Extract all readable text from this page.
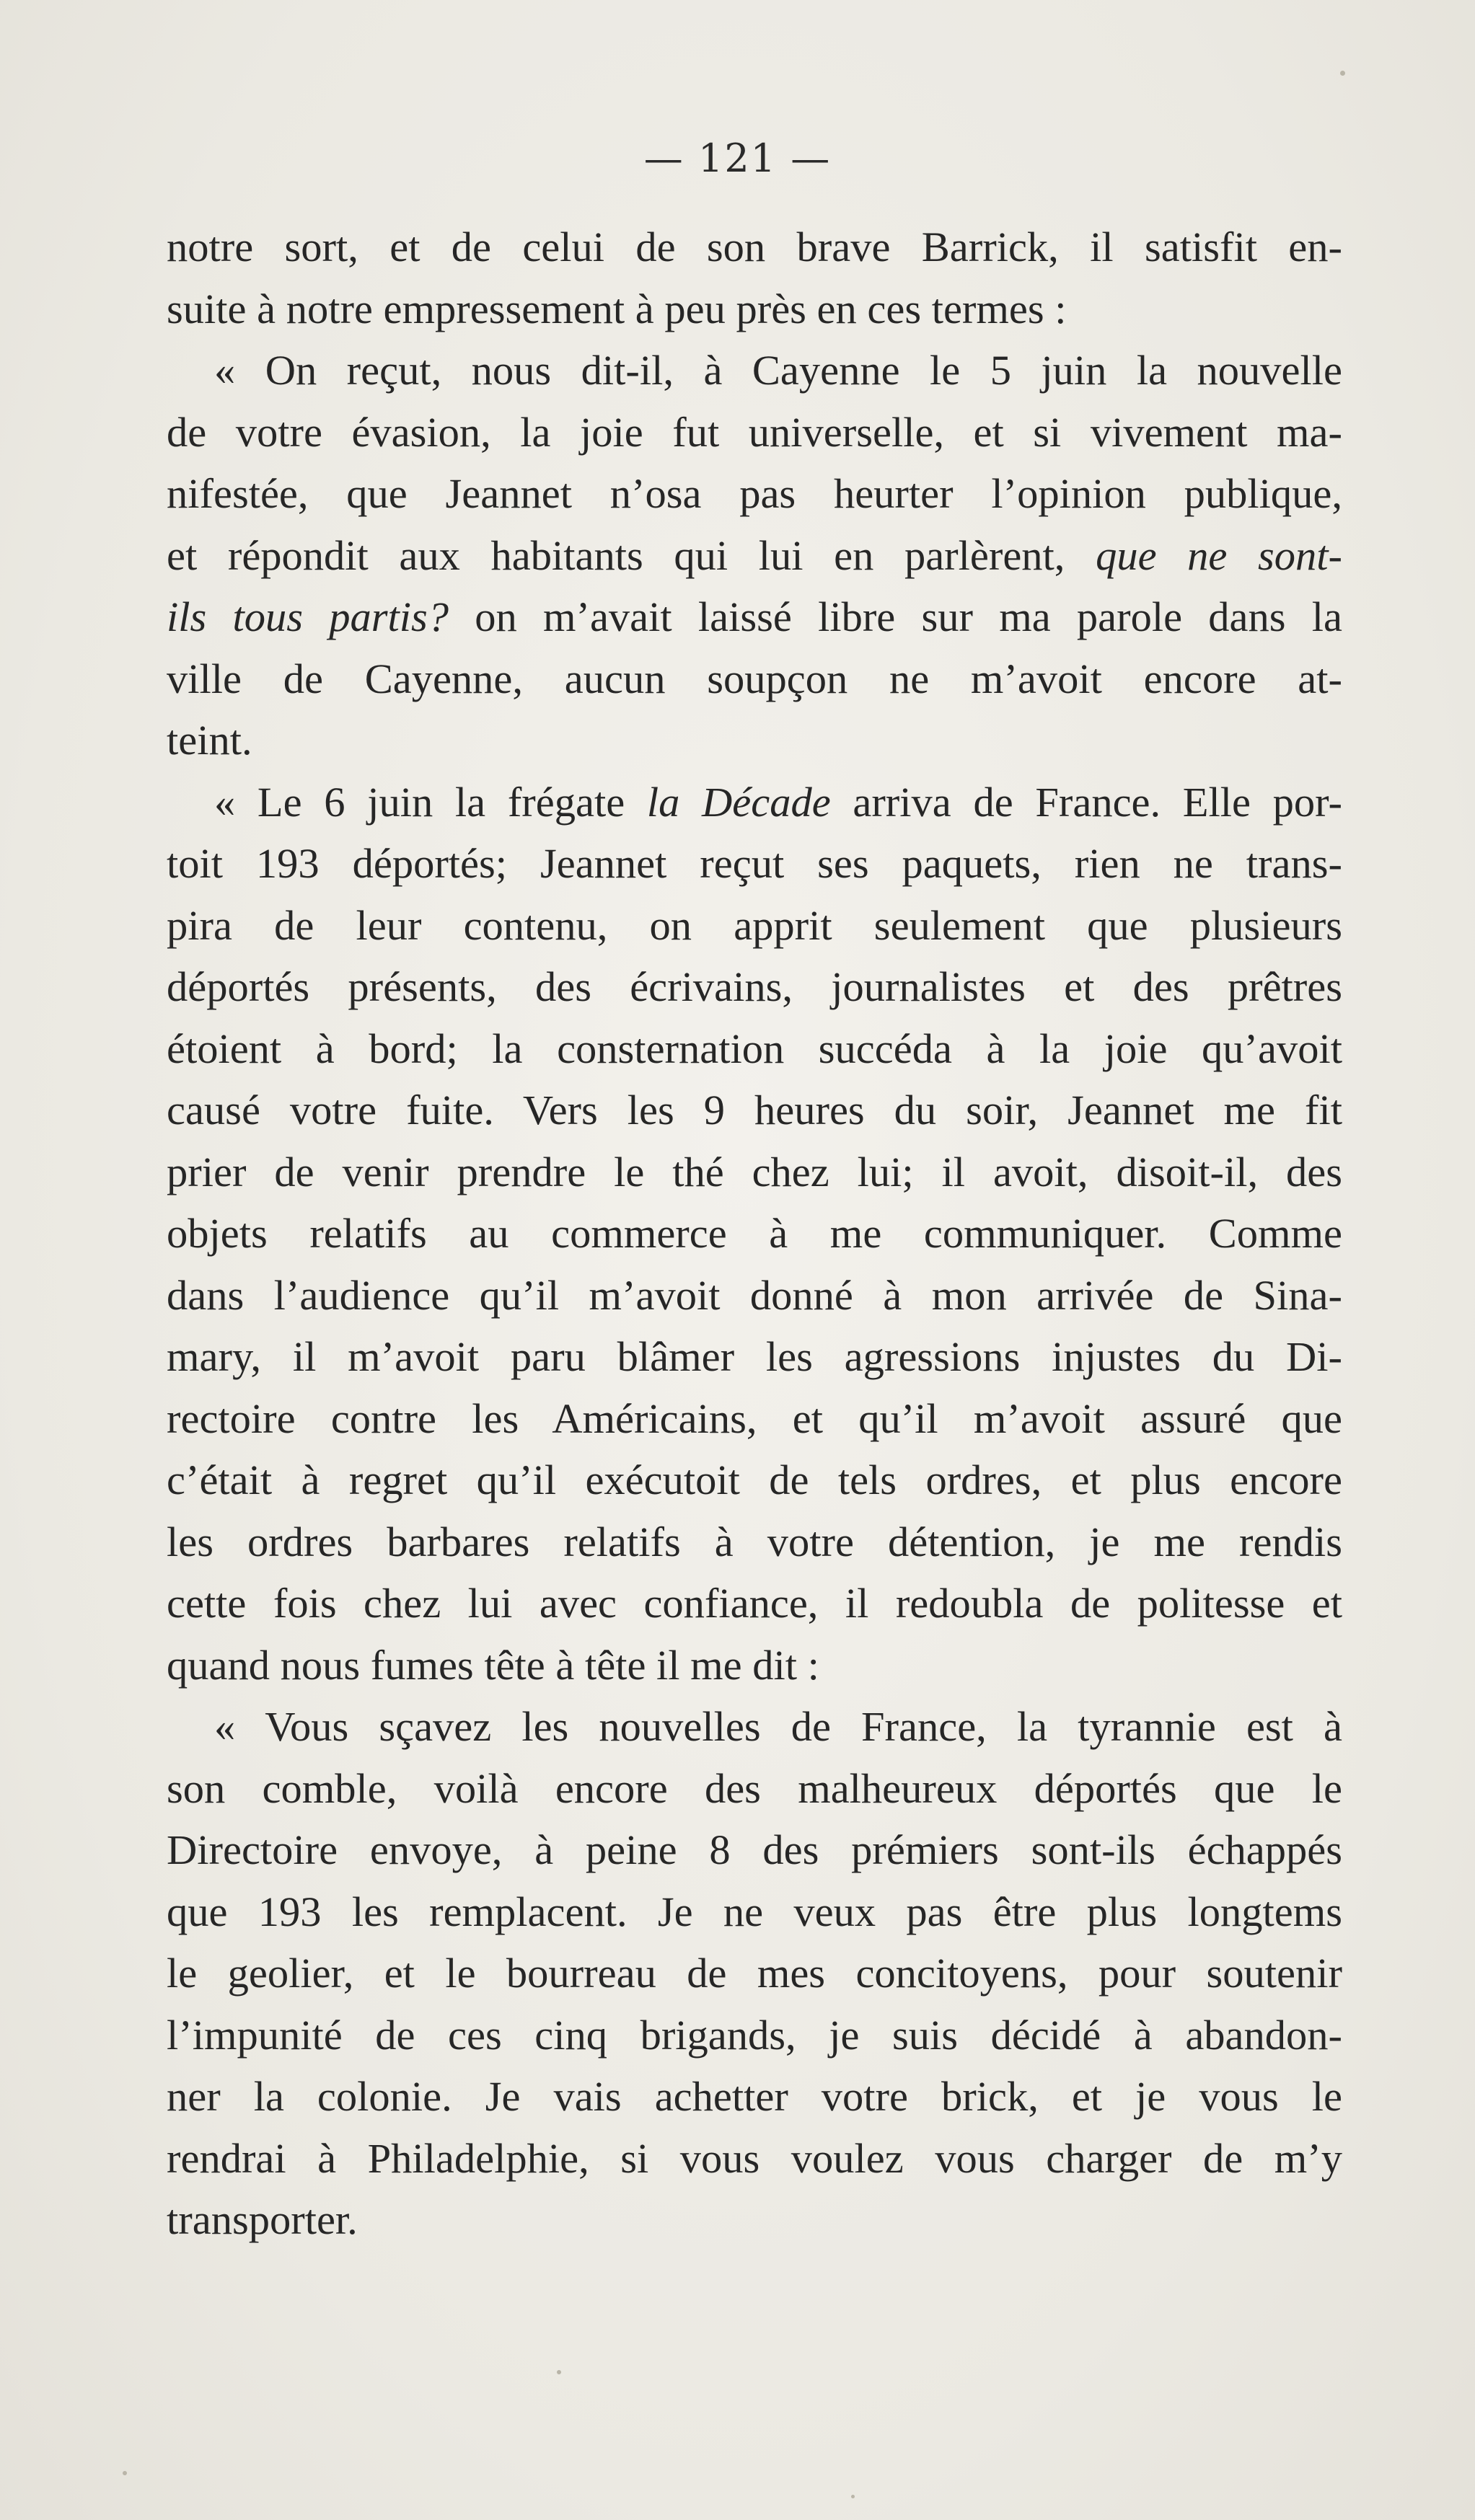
— 121 —
notre sort, et de celui de son brave Barrick, il satisfit en-
suite à notre empressement à peu près en ces termes :
« On reçut, nous dit-il, à Cayenne le 5 juin la nouvelle
de votre évasion, la joie fut universelle, et si vivement ma-
nifestée, que Jeannet n’osa pas heurter l’opinion publique,
et répondit aux habitants qui lui en parlèrent, que ne sont-
ils tous partis? on m’avait laissé libre sur ma parole dans la
ville de Cayenne, aucun soupçon ne m’avoit encore at-
teint.
« Le 6 juin la frégate la Décade arriva de France. Elle por-
toit 193 déportés; Jeannet reçut ses paquets, rien ne trans-
pira de leur contenu, on apprit seulement que plusieurs
déportés présents, des écrivains, journalistes et des prêtres
étoient à bord; la consternation succéda à la joie qu’avoit
causé votre fuite. Vers les 9 heures du soir, Jeannet me fit
prier de venir prendre le thé chez lui; il avoit, disoit-il, des
objets relatifs au commerce à me communiquer. Comme
dans l’audience qu’il m’avoit donné à mon arrivée de Sina-
mary, il m’avoit paru blâmer les agressions injustes du Di-
rectoire contre les Américains, et qu’il m’avoit assuré que
c’était à regret qu’il exécutoit de tels ordres, et plus encore
les ordres barbares relatifs à votre détention, je me rendis
cette fois chez lui avec confiance, il redoubla de politesse et
quand nous fumes tête à tête il me dit :
« Vous sçavez les nouvelles de France, la tyrannie est à
son comble, voilà encore des malheureux déportés que le
Directoire envoye, à peine 8 des prémiers sont-ils échappés
que 193 les remplacent. Je ne veux pas être plus longtems
le geolier, et le bourreau de mes concitoyens, pour soutenir
l’impunité de ces cinq brigands, je suis décidé à abandon-
ner la colonie. Je vais achetter votre brick, et je vous le
rendrai à Philadelphie, si vous voulez vous charger de m’y
transporter.
